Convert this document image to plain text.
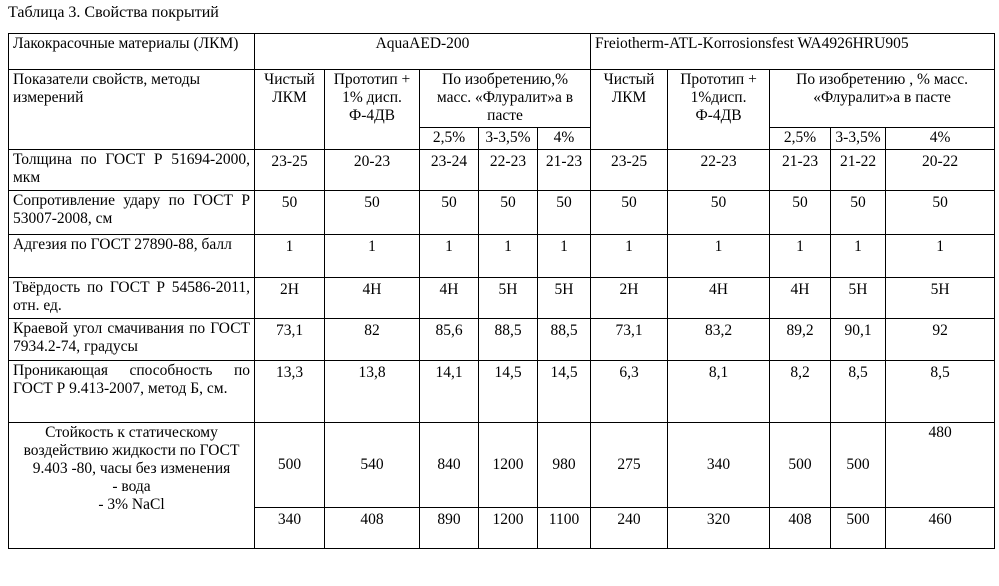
Таблица 3. Свойства покрытий
Лакокрасочные материалы (ЛКМ)	AquaAED-200					Freiotherm-ATL-Korrosionsfest WA4926HRU905				
Показатели свойств, методы измерений	Чистый ЛКМ	Прототип + 1% дисп. Ф-4ДВ	По изобретению,% масс. «Флуралит»а в пасте			Чистый ЛКМ	Прототип + 1%дисп. Ф-4ДВ	По изобретению , % масс. «Флуралит»а в пасте		
			2,5%	3-3,5%	4%			2,5%	3-3,5%	4%
Толщина по ГОСТ Р 51694-2000, мкм	23-25	20-23	23-24	22-23	21-23	23-25	22-23	21-23	21-22	20-22
Сопротивление удару по ГОСТ Р 53007-2008, см	50	50	50	50	50	50	50	50	50	50
Адгезия по ГОСТ 27890-88, балл	1	1	1	1	1	1	1	1	1	1
Твёрдость по ГОСТ Р 54586-2011, отн. ед.	2H	4H	4H	5H	5H	2H	4H	4H	5H	5H
Краевой угол смачивания по ГОСТ 7934.2-74, градусы	73,1	82	85,6	88,5	88,5	73,1	83,2	89,2	90,1	92
Проникающая способность по ГОСТ Р 9.413-2007, метод Б, см.	13,3	13,8	14,1	14,5	14,5	6,3	8,1	8,2	8,5	8,5
Стойкость к статическому воздействию жидкости по ГОСТ 9.403 -80, часы без изменения
- вода
- 3% NaCl	500	540	840	1200	980	275	340	500	500	480
	340	408	890	1200	1100	240	320	408	500	460
